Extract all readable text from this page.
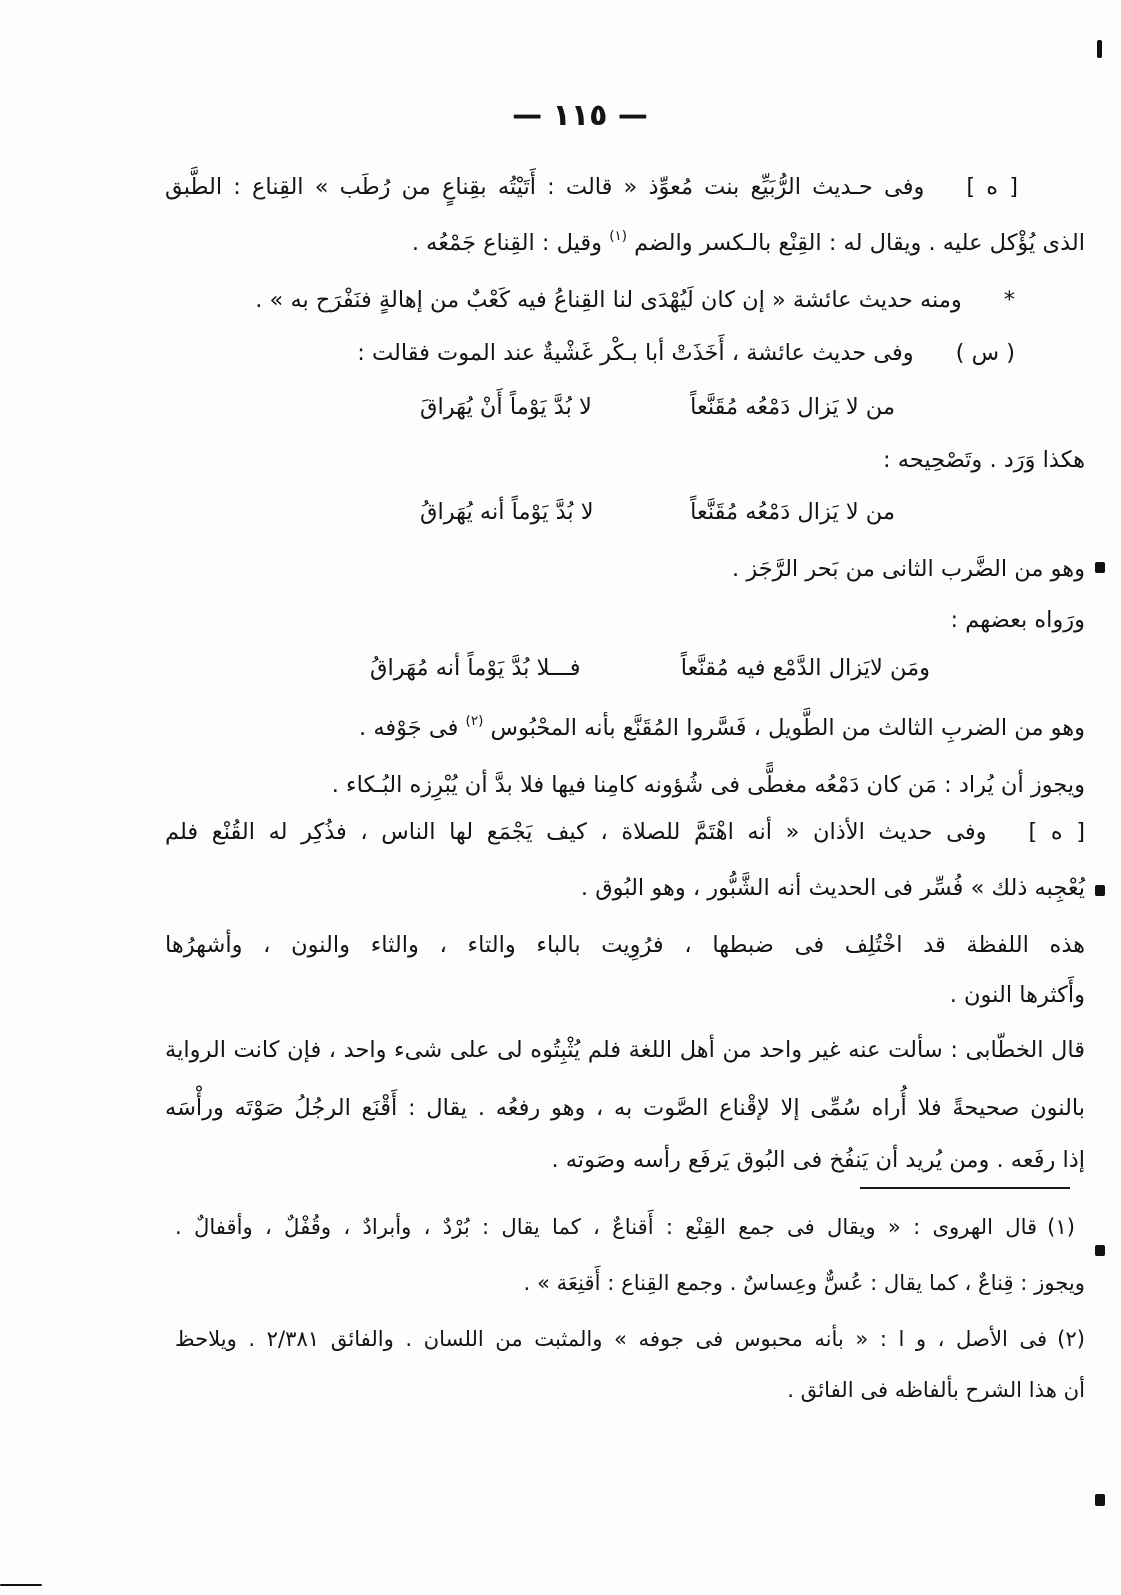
— ١١٥ —
[ ه ]وفى حـديث الرُّبَيِّع بنت مُعوِّذ « قالت : أَتَيْتُه بقِناعٍ من رُطَب » القِناع : الطَّبق
الذى يُؤْكل عليه . ويقال له : القِنْع بالـكسر والضم $^{(١)}$ وقيل : القِناع جَمْعُه .
*ومنه حديث عائشة « إن كان لَيُهْدَى لنا القِناعُ فيه كَعْبٌ من إهالةٍ فنَفْرَح به » .
( س )وفى حديث عائشة ، أَخَذَتْ أبا بـكْر غَشْيةٌ عند الموت فقالت :
من لا يَزال دَمْعُه مُقَنَّعاً
لا بُدَّ يَوْماً أَنْ يُهَراقَ
هكذا وَرَد . وتَصْحِيحه :
من لا يَزال دَمْعُه مُقَنَّعاً
لا بُدَّ يَوْماً أنه يُهَراقُ
وهو من الضَّرب الثانى من بَحر الرَّجَز .
ورَواه بعضهم :
ومَن لايَزال الدَّمْع فيه مُقنَّعاً
فـــلا بُدَّ يَوْماً أنه مُهَراقُ
وهو من الضربِ الثالث من الطَّويل ، فَسَّروا المُقَنَّع بأنه المحْبُوس $^{(٢)}$ فى جَوْفه .
ويجوز أن يُراد : مَن كان دَمْعُه مغطًّى فى شُؤونه كامِنا فيها فلا بدَّ أن يُبْرِزه البُـكاء .
[ ه ]وفى حديث الأذان « أنه اهْتَمَّ للصلاة ، كيف يَجْمَع لها الناس ، فذُكِر له القُنْع فلم
يُعْجِبه ذلك » فُسِّر فى الحديث أنه الشَّبُّور ، وهو البُوق .
هذه اللفظة قد اخْتُلِف فى ضبطها ، فرُوِيت بالباء والتاء ، والثاء والنون ، وأشهرُها
وأَكثرها النون .
قال الخطّابى : سألت عنه غير واحد من أهل اللغة فلم يُثْبِتُوه لى على شىء واحد ، فإن كانت الرواية
بالنون صحيحةً فلا أُراه سُمِّى إلا لإقْناع الصَّوت به ، وهو رفعُه . يقال : أَقْنَع الرجُلُ صَوْتَه ورأْسَه
إذا رفَعه . ومن يُريد أن يَنفُخ فى البُوق يَرفَع رأسه وصَوته .
(١)قال الهروى : « ويقال فى جمع القِنْع : أَقناعٌ ، كما يقال : بُرْدٌ ، وأبرادٌ ، وقُفْلٌ ، وأقفالٌ .
ويجوز : قِناعٌ ، كما يقال : عُسٌّ وعِساسٌ . وجمع القِناع : أَقنِعَة » .
(٢)فى الأصل ، و ا : « بأنه محبوس فى جوفه » والمثبت من اللسان . والفائق ٢/٣٨١ . ويلاحظ
أن هذا الشرح بألفاظه فى الفائق .
